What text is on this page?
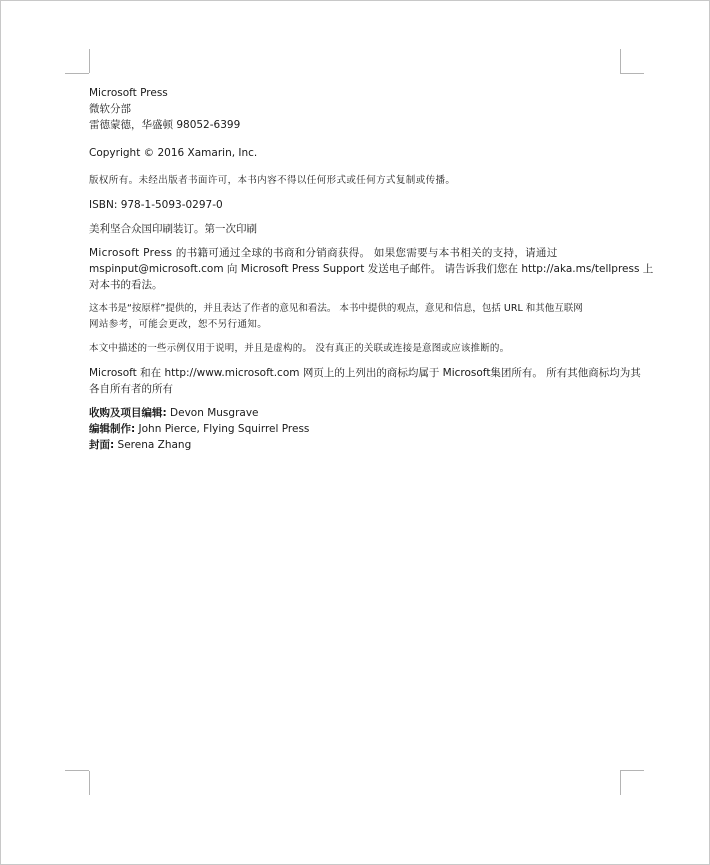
Microsoft Press
微软分部
雷德蒙德，华盛顿 98052-6399
Copyright © 2016 Xamarin, Inc.
版权所有。未经出版者书面许可，本书内容不得以任何形式或任何方式复制或传播。
ISBN: 978-1-5093-0297-0
美利坚合众国印刷装订。第一次印刷
Microsoft Press 的书籍可通过全球的书商和分销商获得。 如果您需要与本书相关的支持，请通过
mspinput@microsoft.com 向 Microsoft Press Support 发送电子邮件。 请告诉我们您在 http://aka.ms/tellpress 上
对本书的看法。
这本书是“按原样”提供的，并且表达了作者的意见和看法。 本书中提供的观点，意见和信息，包括 URL 和其他互联网
网站参考，可能会更改，恕不另行通知。
本文中描述的一些示例仅用于说明，并且是虚构的。 没有真正的关联或连接是意图或应该推断的。
Microsoft 和在 http://www.microsoft.com 网页上的上列出的商标均属于 Microsoft集团所有。 所有其他商标均为其
各自所有者的所有
收购及项目编辑: Devon Musgrave
编辑制作: John Pierce, Flying Squirrel Press
封面: Serena Zhang
